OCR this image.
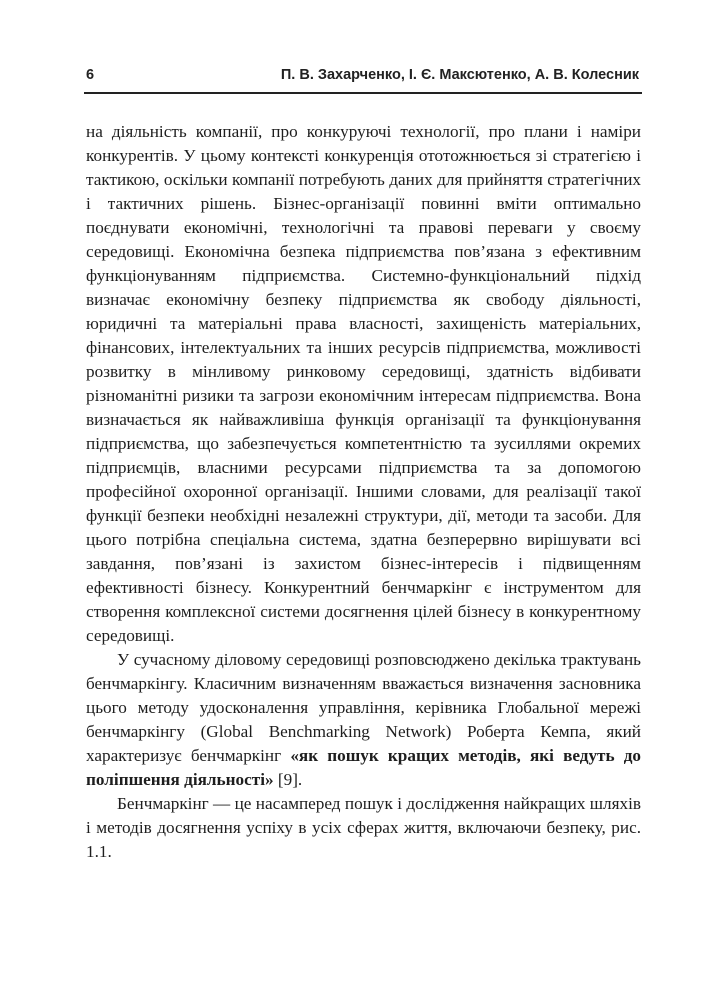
6	П. В. Захарченко, І. Є. Максютенко, А. В. Колесник

на діяльність компанії, про конкуруючі технології, про плани і наміри конкурентів. У цьому контексті конкуренція ототожнюється зі стратегією і тактикою, оскільки компанії потребують даних для прийняття стратегічних і тактичних рішень. Бізнес-організації повинні вміти оптимально поєднувати економічні, технологічні та правові переваги у своєму середовищі. Економічна безпека підприємства пов’язана з ефективним функціонуванням підприємства. Системно-функціональний підхід визначає економічну безпеку підприємства як свободу діяльності, юридичні та матеріальні права власності, захищеність матеріальних, фінансових, інтелектуальних та інших ресурсів підприємства, можливості розвитку в мінливому ринковому середовищі, здатність відбивати різноманітні ризики та загрози економічним інтересам підприємства. Вона визначається як найважливіша функція організації та функціонування підприємства, що забезпечується компетентністю та зусиллями окремих підприємців, власними ресурсами підприємства та за допомогою професійної охоронної організації. Іншими словами, для реалізації такої функції безпеки необхідні незалежні структури, дії, методи та засоби. Для цього потрібна спеціальна система, здатна безперервно вирішувати всі завдання, пов’язані із захистом бізнес-інтересів і підвищенням ефективності бізнесу. Конкурентний бенчмаркінг є інструментом для створення комплексної системи досягнення цілей бізнесу в конкурентному середовищі.

У сучасному діловому середовищі розповсюджено декілька трактувань бенчмаркінгу. Класичним визначенням вважається визначення засновника цього методу удосконалення управління, керівника Глобальної мережі бенчмаркінгу (Global Benchmarking Network) Роберта Кемпа, який характеризує бенчмаркінг «як пошук кращих методів, які ведуть до поліпшення діяльності» [9].

Бенчмаркінг — це насамперед пошук і дослідження найкращих шляхів і методів досягнення успіху в усіх сферах життя, включаючи безпеку, рис. 1.1.
